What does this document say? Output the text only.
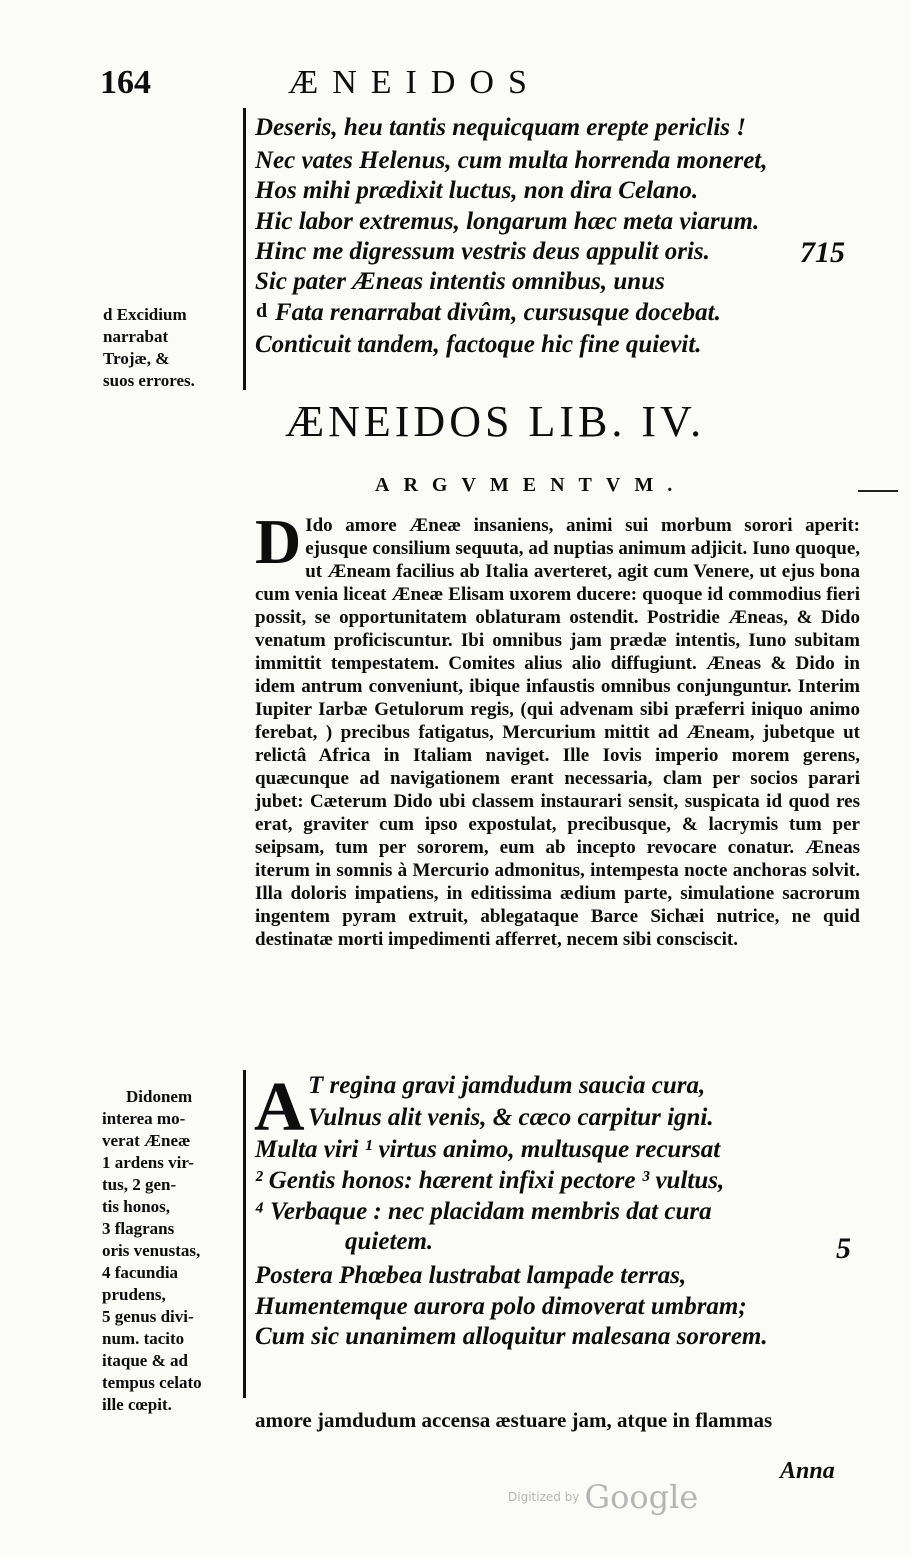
164	ÆNEIDOS
Deseris, heu tantis nequicquam erepte periclis !
Nec vates Helenus, cum multa horrenda moneret,
Hos mihi prædixit luctus, non dira Celano.
Hic labor extremus, longarum hæc meta viarum.
Hinc me digressum vestris deus appulit oris.
Sic pater Æneas intentis omnibus, unus
Fata renarrabat divûm, cursusque docebat.
Conticuit tandem, factoque hic fine quievit.
d
715
d Excidium
narrabat
Trojæ, &
suos errores.
ÆNEIDOS LIB. IV.
ARGVMENTVM.
D Ido amore Æneæ insaniens, animi sui morbum sorori aperit: ejusque consilium sequuta, ad nuptias animum adjicit. Iuno quoque, ut Æneam facilius ab Italia averteret, agit cum Venere, ut ejus bona cum venia liceat Æneæ Elisam uxorem ducere: quoque id commodius fieri possit, se opportunitatem oblaturam ostendit. Postridie Æneas, & Dido venatum proficiscuntur. Ibi omnibus jam prædæ intentis, Iuno subitam immittit tempestatem. Comites alius alio diffugiunt. Æneas & Dido in idem antrum conveniunt, ibique infaustis omnibus conjunguntur. Interim Iupiter Iarbæ Getulorum regis, (qui advenam sibi præferri iniquo animo ferebat, ) precibus fatigatus, Mercurium mittit ad Æneam, jubetque ut relictâ Africa in Italiam naviget. Ille Iovis imperio morem gerens, quæcunque ad navigationem erant necessaria, clam per socios parari jubet: Cæterum Dido ubi classem instaurari sensit, suspicata id quod res erat, graviter cum ipso expostulat, precibusque, & lacrymis tum per seipsam, tum per sororem, eum ab incepto revocare conatur. Æneas iterum in somnis à Mercurio admonitus, intempesta nocte anchoras solvit. Illa doloris impatiens, in editissima ædium parte, simulatione sacrorum ingentem pyram extruit, ablegataque Barce Sichæi nutrice, ne quid destinatæ morti impedimenti afferret, necem sibi consciscit.
A T regina gravi jamdudum saucia cura,
Vulnus alit venis, & cæco carpitur igni.
Multa viri ¹ virtus animo, multusque recursat
² Gentis honos: hærent infixi pectore ³ vultus,
⁴ Verbaque : nec placidam membris dat cura
quietem.
Postera Phœbea lustrabat lampade terras,
Humentemque aurora polo dimoverat umbram;
Cum sic unanimem alloquitur malesana sororem.
5
Didonem
interea mo-
verat Æneæ
1 ardens vir-
tus, 2 gen-
tis honos,
3 flagrans
oris venustas,
4 facundia
prudens,
5 genus divi-
num. tacito
itaque & ad
tempus celato
ille cœpit.
amore jamdudum accensa æstuare jam, atque in flammas
Anna
Digitized by Google
